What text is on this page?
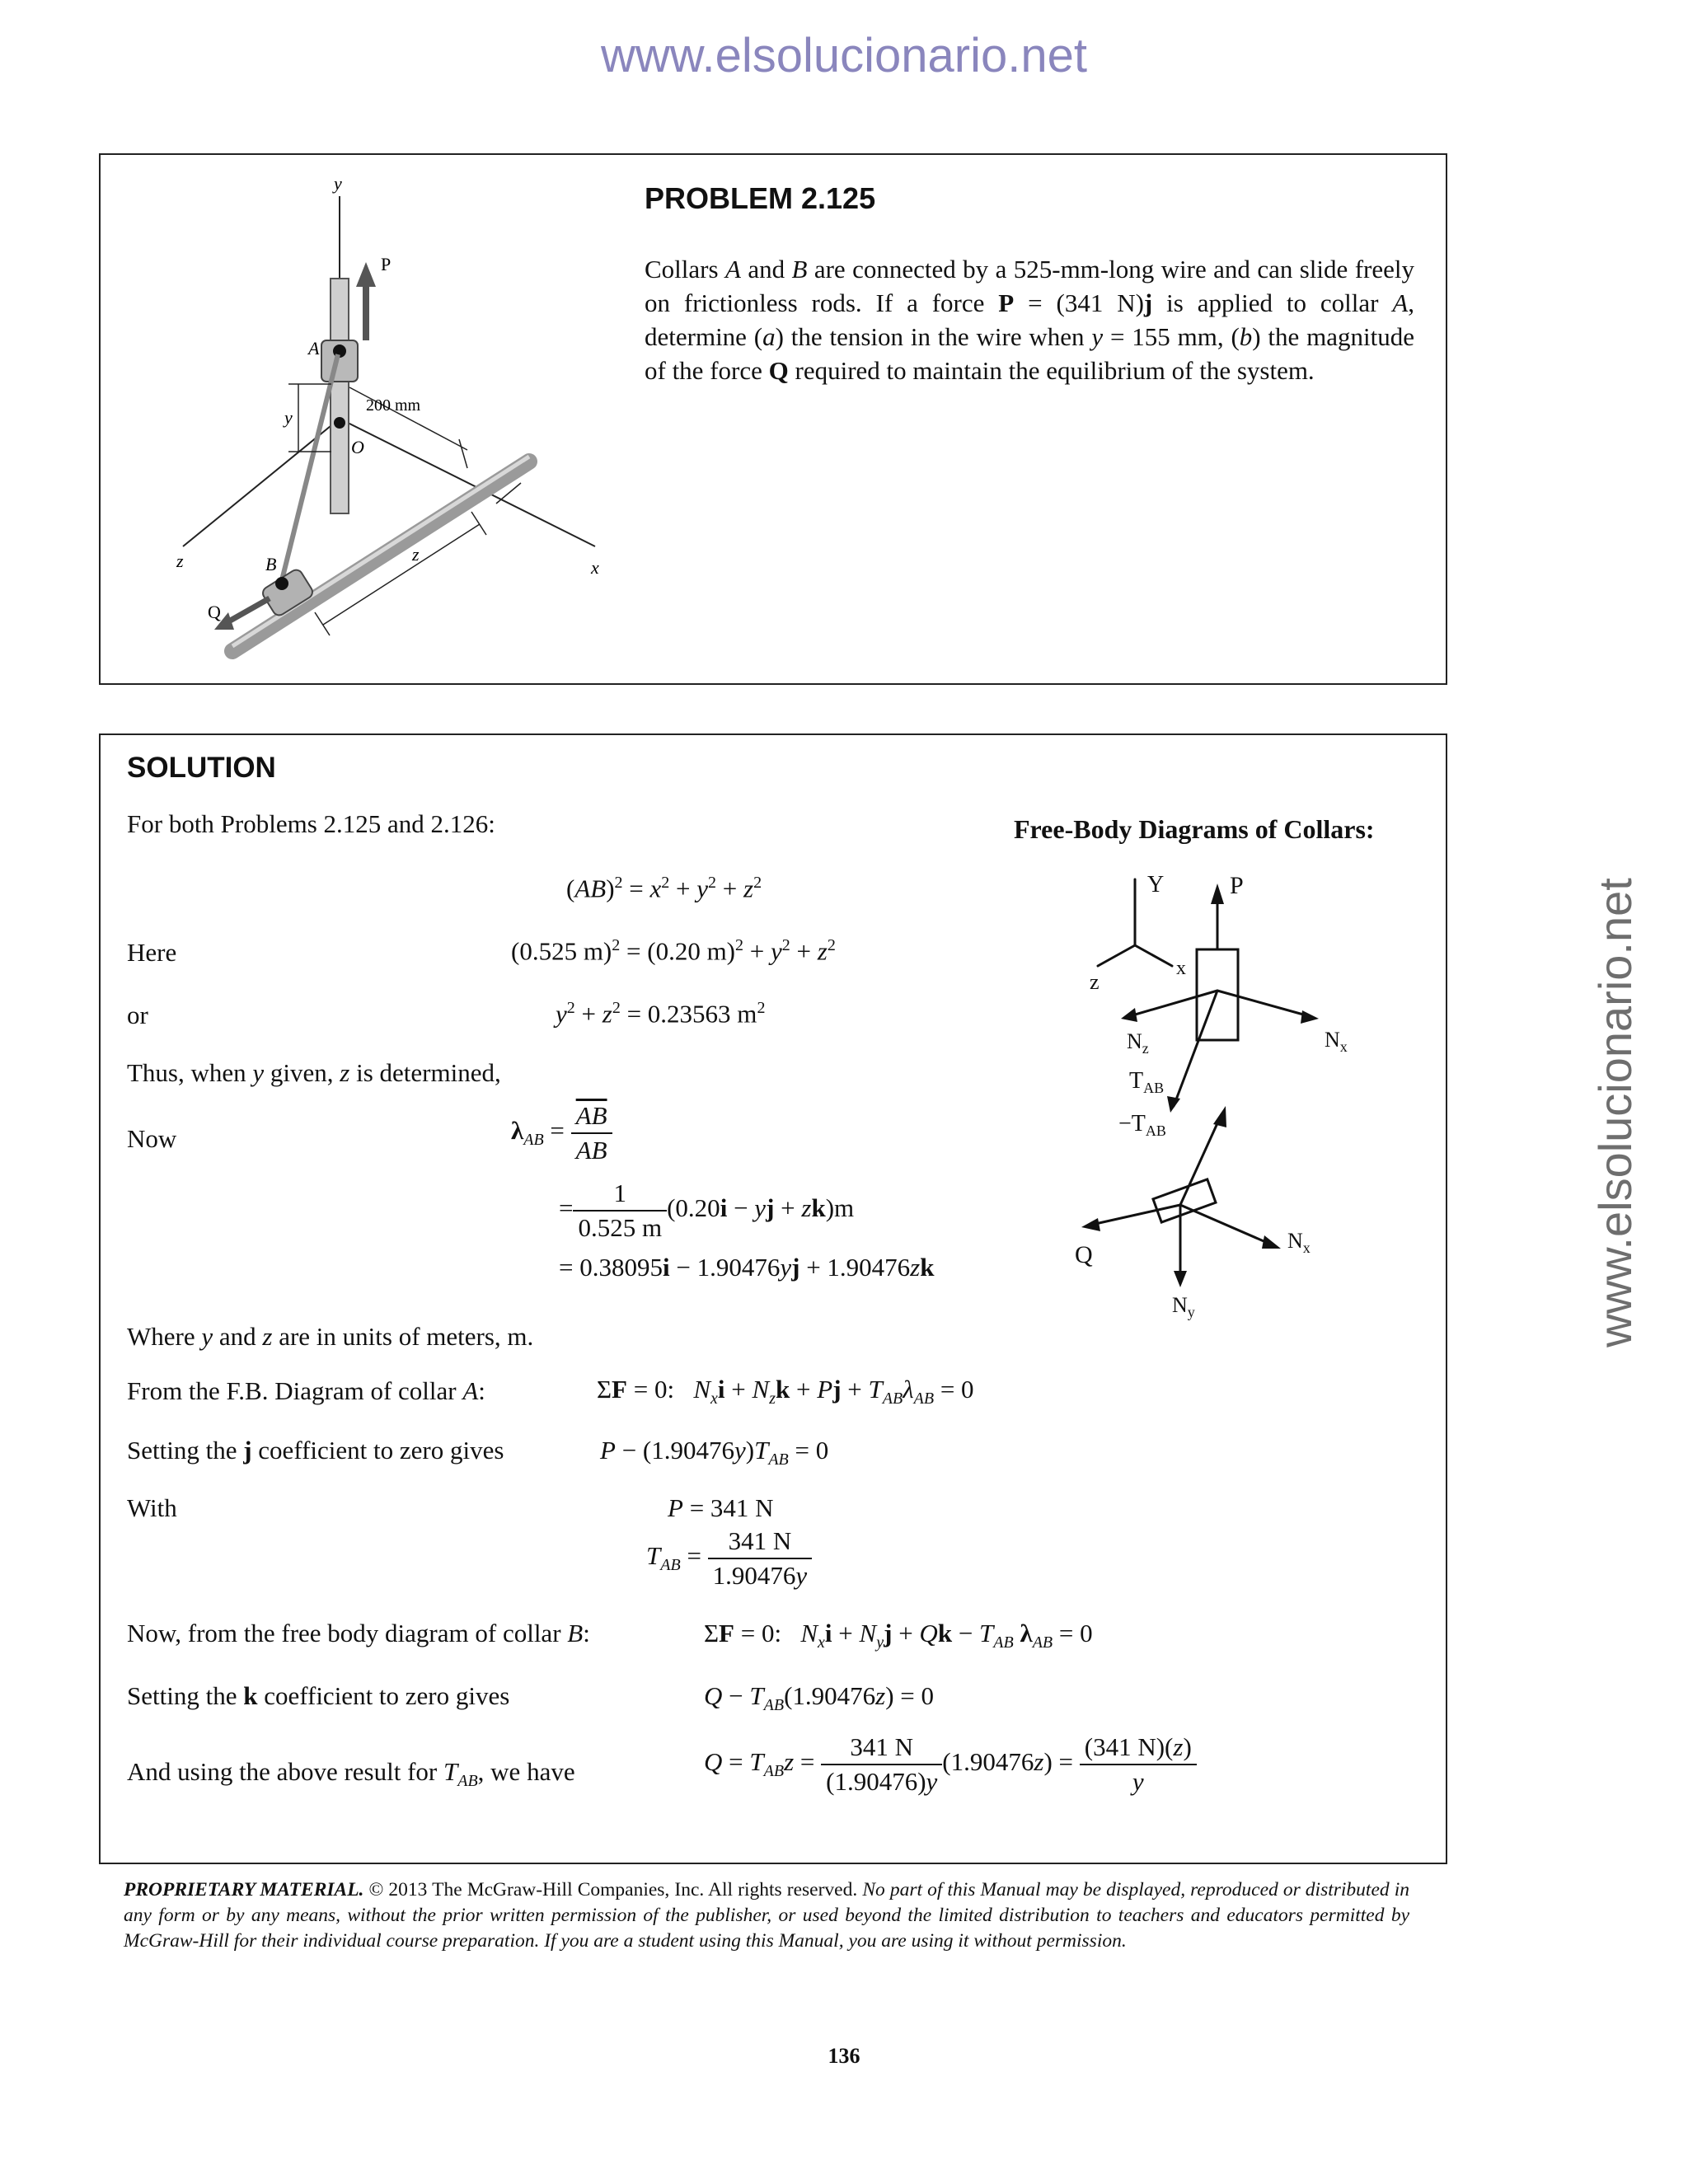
www.elsolucionario.net
www.elsolucionario.net
y
P
A
y
200 mm
O
z	B	z
x
Q
PROBLEM 2.125
Collars A and B are connected by a 525-mm-long wire and can slide freely on frictionless rods. If a force P = (341 N)j is applied to collar A, determine (a) the tension in the wire when y = 155 mm, (b) the magnitude of the force Q required to maintain the equilibrium of the system.
SOLUTION
For both Problems 2.125 and 2.126:	Free-Body Diagrams of Collars:
$(AB)^2 = x^2 + y^2 + z^2$
Here	(0.525 m)$^2$ = (0.20 $m)^2 + y^2 + z^2$
or	$y^2 + z^2 = 0.23563$ $m^2$
Thus, when y given, z is determined,
Now	$\lambda_{AB} = \frac{\overline{AB}}{AB}$
= $\frac{1}{0.525 m} (0.20i$ − yj + zk)m
= 0.38095i − 1.90476yj + 1.90476zk
Where y and z are in units of meters, m.
From the F.B. Diagram of collar A:	ΣF = 0:   $N_xi + N_zk + Pj + T_{AB}\lambda_{AB} = 0$
Setting the j coefficient to zero gives	$P - (1.90476y)T_{AB} = 0$
With	P = 341 N
$T_{AB} = \frac{341 N}{1.90476y}$
Now, from the free body diagram of collar B:	ΣF = 0:   $N_xi + N_yj + Qk - T_{AB}$ $\lambda_{AB} = 0$
Setting the k coefficient to zero gives	$Q - T_{AB}(1.90476z) = 0$
And using the above result for $T_{AB}$, we have	$Q = T_{AB}z = \frac{341 N}{(1.90476)y} (1.90476z) = \frac{(341 N)(z)}{y}$
Y
x
z
P
$N_z$	$N_x$
$T_{AB}$
$-T_{AB}$
Q
$N_x$
$N_y$
PROPRIETARY MATERIAL. © 2013 The McGraw-Hill Companies, Inc. All rights reserved. No part of this Manual may be displayed, reproduced or distributed in any form or by any means, without the prior written permission of the publisher, or used beyond the limited distribution to teachers and educators permitted by McGraw-Hill for their individual course preparation. If you are a student using this Manual, you are using it without permission.
136
